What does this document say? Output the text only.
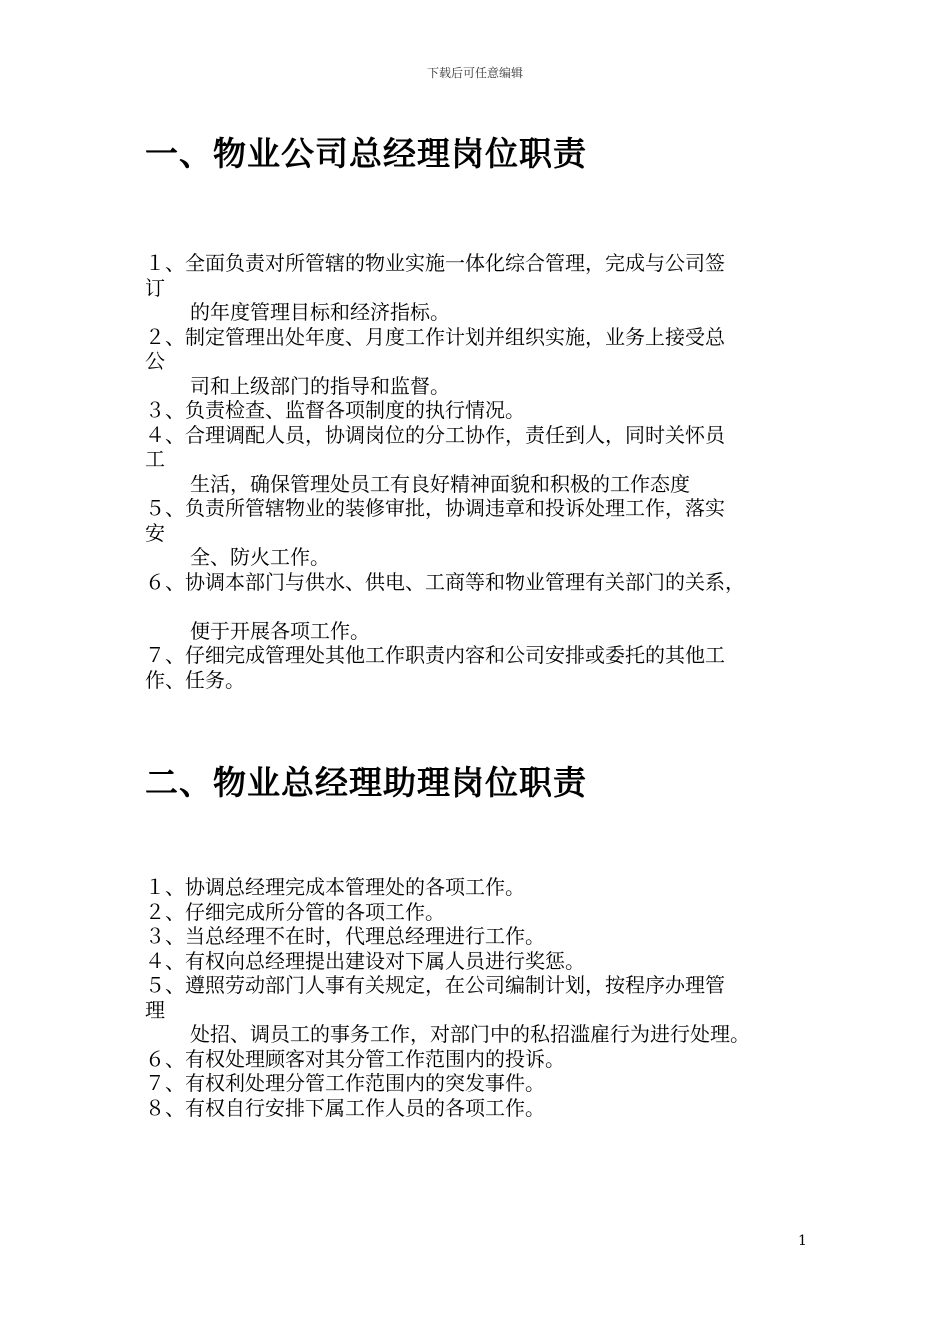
下载后可任意编辑
一、物业公司总经理岗位职责
１、全面负责对所管辖的物业实施一体化综合管理，完成与公司签
订
的年度管理目标和经济指标。
２、制定管理出处年度、月度工作计划并组织实施，业务上接受总
公
司和上级部门的指导和监督。
３、负责检查、监督各项制度的执行情况。
４、合理调配人员，协调岗位的分工协作，责任到人，同时关怀员
工
生活，确保管理处员工有良好精神面貌和积极的工作态度
５、负责所管辖物业的装修审批，协调违章和投诉处理工作，落实
安
全、防火工作。
６、协调本部门与供水、供电、工商等和物业管理有关部门的关系，
便于开展各项工作。
７、仔细完成管理处其他工作职责内容和公司安排或委托的其他工
作、任务。
二、物业总经理助理岗位职责
１、协调总经理完成本管理处的各项工作。
２、仔细完成所分管的各项工作。
３、当总经理不在时，代理总经理进行工作。
４、有权向总经理提出建设对下属人员进行奖惩。
５、遵照劳动部门人事有关规定，在公司编制计划，按程序办理管
理
处招、调员工的事务工作，对部门中的私招滥雇行为进行处理。
６、有权处理顾客对其分管工作范围内的投诉。
７、有权利处理分管工作范围内的突发事件。
８、有权自行安排下属工作人员的各项工作。
1
